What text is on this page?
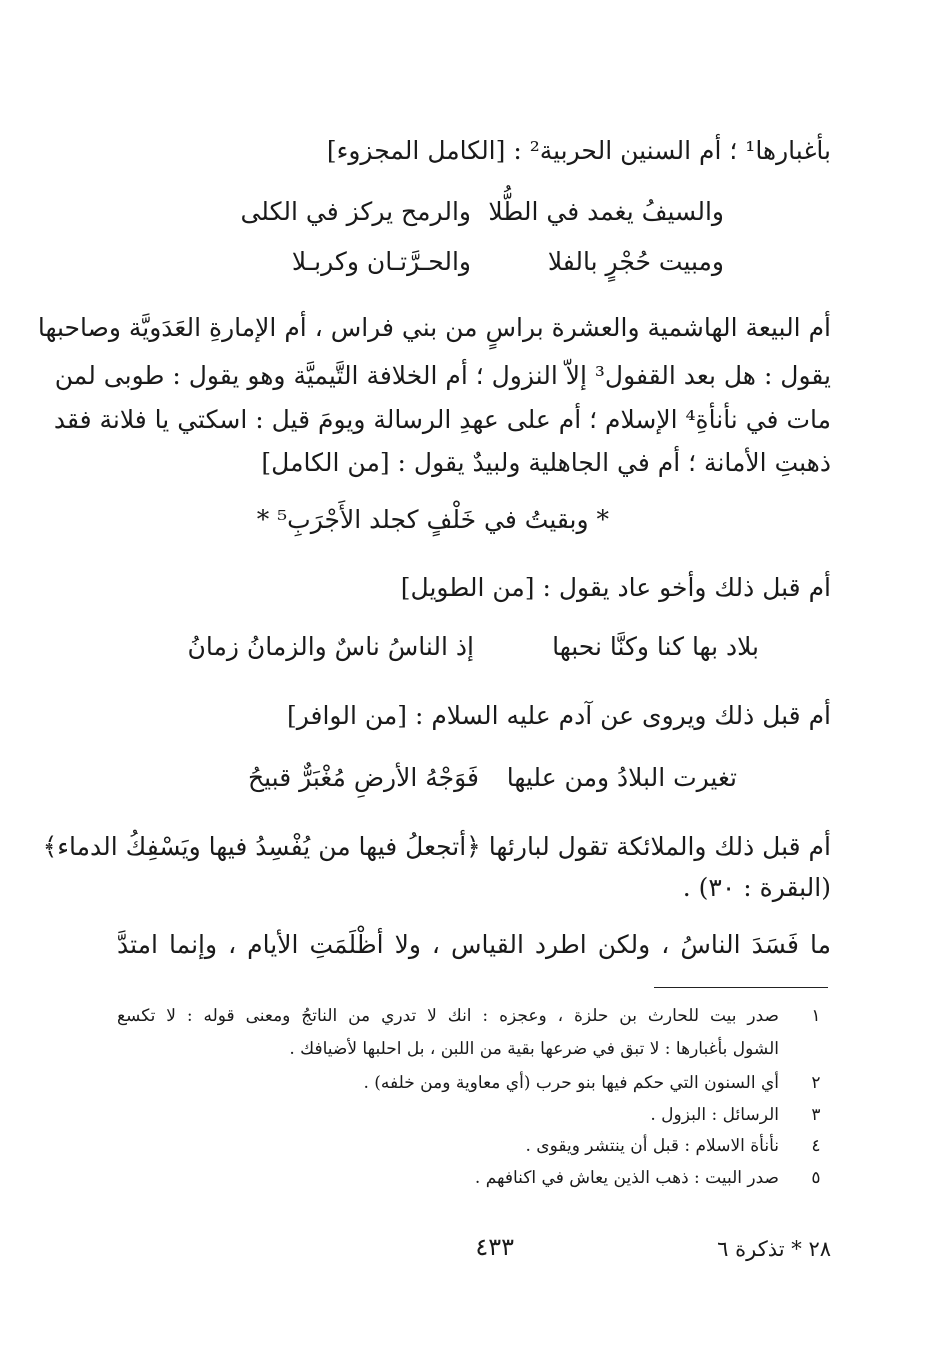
بأغبارها¹ ؛ أم السنين الحربية² : [الكامل المجزوء]
والسيفُ يغمد في الطُّلا
والرمح يركز في الكلى
ومبيت حُجْرٍ بالفلا
والحـرَّتـان وكربـلا
أم البيعة الهاشمية والعشرة براسٍ من بني فراس ، أم الإمارةِ العَدَويَّة وصاحبها
يقول : هل بعد القفول³ إلاّ النزول ؛ أم الخلافة التَّيميَّة وهو يقول : طوبى لمن
مات في نأنأةِ⁴ الإسلام ؛ أم على عهدِ الرسالة ويومَ قيل : اسكتي يا فلانة فقد
ذهبتِ الأمانة ؛ أم في الجاهلية ولبيدٌ يقول : [من الكامل]
* وبقيتُ في خَلْفٍ كجلد الأَجْرَبِ⁵ *
أم قبل ذلك وأخو عاد يقول : [من الطويل]
بلاد بها كنا وكنَّا نحبها
إذ الناسُ ناسٌ والزمانُ زمانُ
أم قبل ذلك ويروى عن آدم عليه السلام : [من الوافر]
تغيرت البلادُ ومن عليها
فَوَجْهُ الأرضِ مُغْبَرٌّ قبيحُ
أم قبل ذلك والملائكة تقول لبارئها ﴿أتجعلُ فيها من يُفْسِدُ فيها ويَسْفِكُ الدماء﴾
(البقرة : ٣٠) .
ما فَسَدَ الناسُ ، ولكن اطرد القياس ، ولا أظْلَمَتِ الأيام ، وإنما امتدَّ
١
صدر بيت للحارث بن حلزة ، وعجزه : انك لا تدري من الناتجُ ومعنى قوله : لا تكسع
الشول بأغبارها : لا تبق في ضرعها بقية من اللبن ، بل احلبها لأضيافك .
٢
أي السنون التي حكم فيها بنو حرب (أي معاوية ومن خلفه) .
٣
الرسائل : البزول .
٤
نأنأة الاسلام : قبل أن ينتشر ويقوى .
٥
صدر البيت : ذهب الذين يعاش في اكنافهم .
٢٨ * تذكرة ٦
٤٣٣
